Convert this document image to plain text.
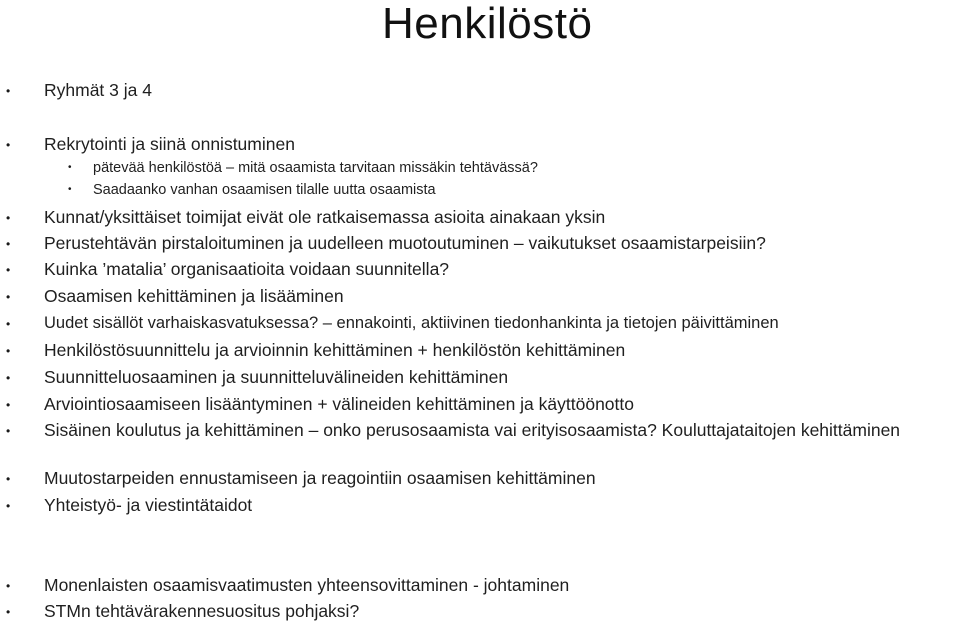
Henkilöstö
• Ryhmät 3 ja 4
• Rekrytointi ja siinä onnistuminen
• pätevää henkilöstöä – mitä osaamista tarvitaan missäkin tehtävässä?
• Saadaanko vanhan osaamisen tilalle uutta osaamista
• Kunnat/yksittäiset toimijat eivät ole ratkaisemassa asioita ainakaan yksin
• Perustehtävän pirstaloituminen ja uudelleen muotoutuminen – vaikutukset osaamistarpeisiin?
• Kuinka ’matalia’ organisaatioita voidaan suunnitella?
• Osaamisen kehittäminen ja lisääminen
• Uudet sisällöt varhaiskasvatuksessa? – ennakointi, aktiivinen tiedonhankinta ja tietojen päivittäminen
• Henkilöstösuunnittelu ja arvioinnin kehittäminen + henkilöstön kehittäminen
• Suunnitteluosaaminen ja suunnitteluvälineiden kehittäminen
• Arviointiosaamiseen lisääntyminen + välineiden kehittäminen ja käyttöönotto
• Sisäinen koulutus ja kehittäminen – onko perusosaamista vai erityisosaamista? Kouluttajataitojen kehittäminen
• Muutostarpeiden ennustamiseen ja reagointiin osaamisen kehittäminen
• Yhteistyö- ja viestintätaidot
• Monenlaisten osaamisvaatimusten yhteensovittaminen - johtaminen
• STMn tehtävärakennesuositus pohjaksi?
